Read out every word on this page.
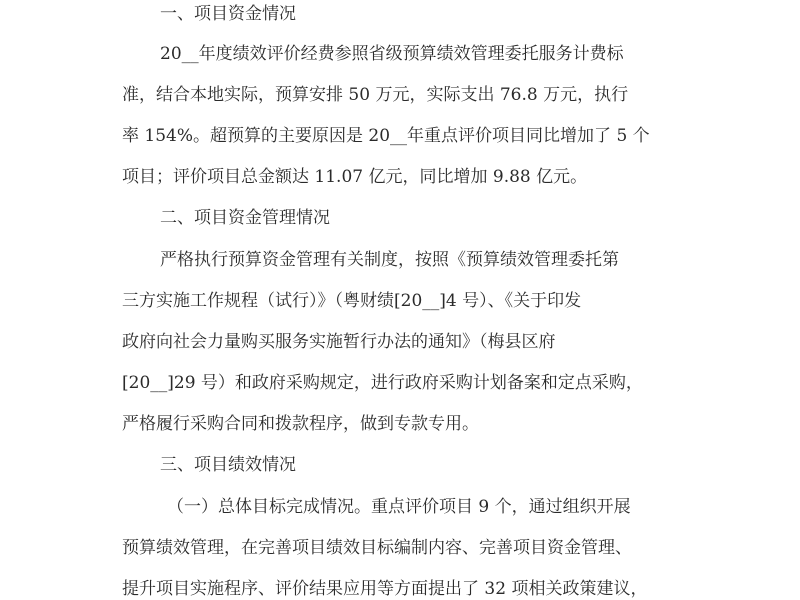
一、项目资金情况
20__年度绩效评价经费参照省级预算绩效管理委托服务计费标
准，结合本地实际，预算安排 50 万元，实际支出 76.8 万元，执行
率 154%。超预算的主要原因是 20__年重点评价项目同比增加了 5 个
项目；评价项目总金额达 11.07 亿元，同比增加 9.88 亿元。
二、项目资金管理情况
严格执行预算资金管理有关制度，按照《预算绩效管理委托第
三方实施工作规程（试行）》（粤财绩[20__]4 号）、《关于印发
政府向社会力量购买服务实施暂行办法的通知》（梅县区府
[20__]29 号）和政府采购规定，进行政府采购计划备案和定点采购，
严格履行采购合同和拨款程序，做到专款专用。
三、项目绩效情况
（一）总体目标完成情况。重点评价项目 9 个，通过组织开展
预算绩效管理，在完善项目绩效目标编制内容、完善项目资金管理、
提升项目实施程序、评价结果应用等方面提出了 32 项相关政策建议，
